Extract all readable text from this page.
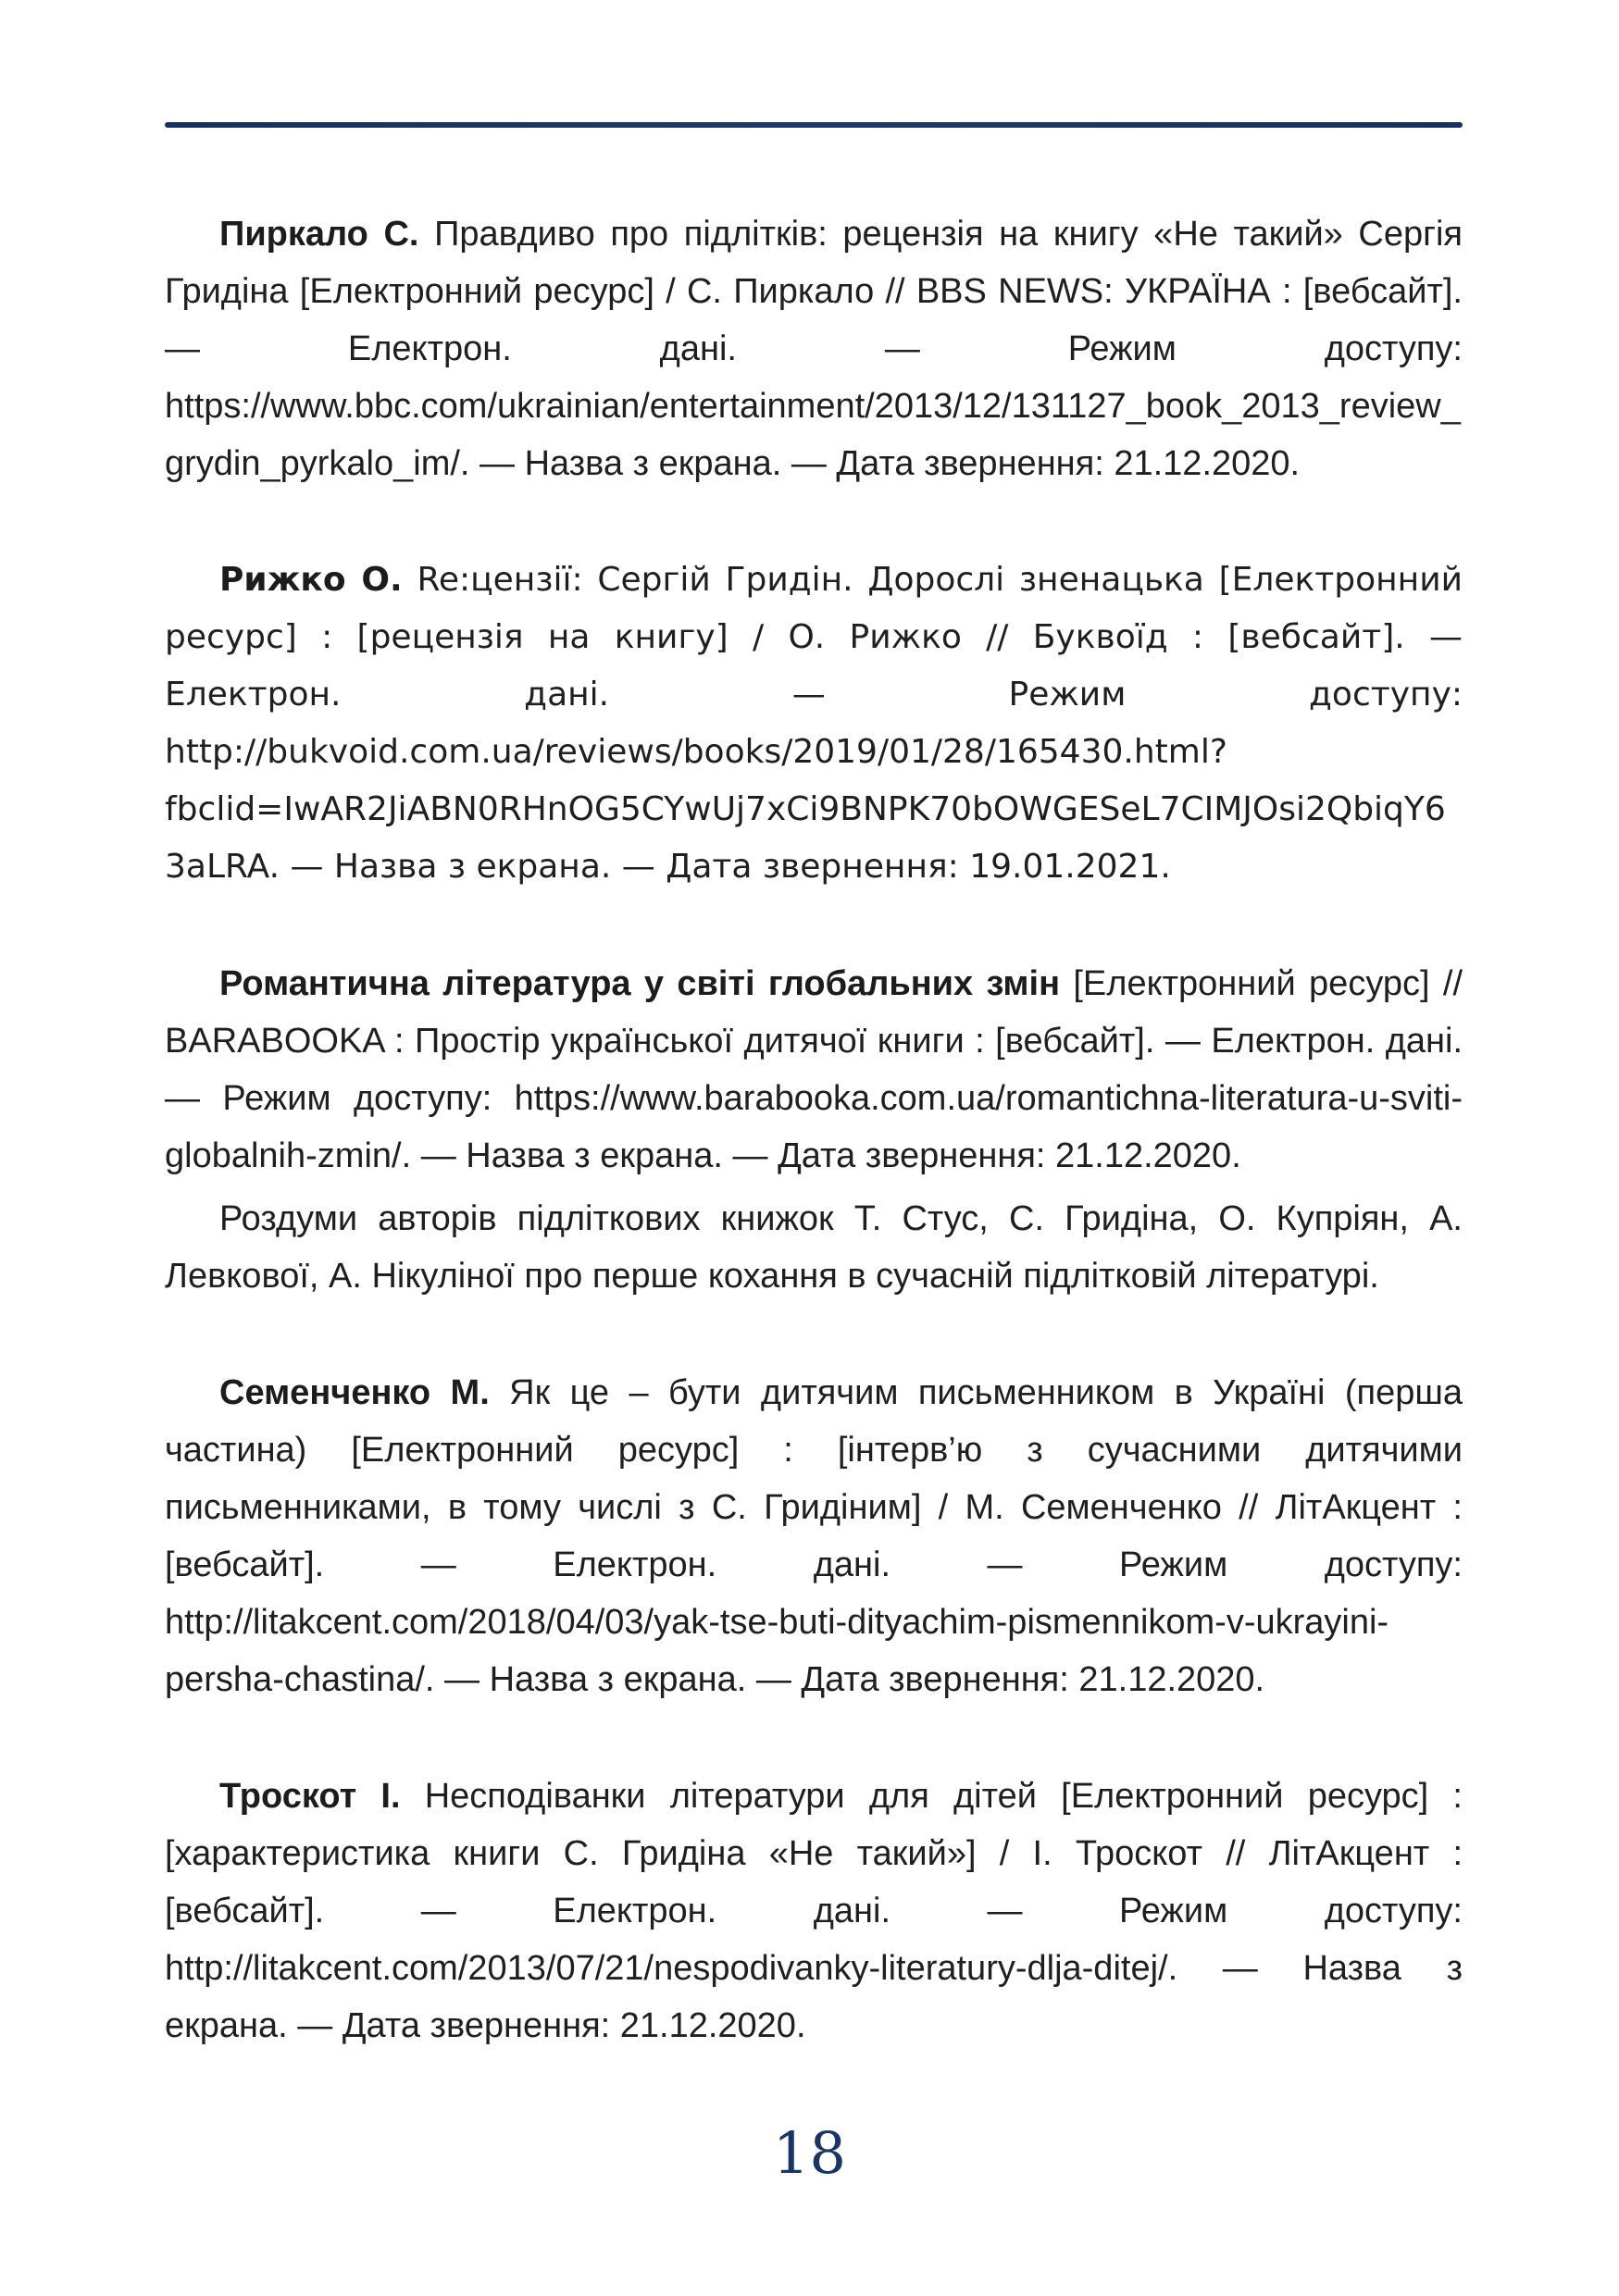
Пиркало С. Правдиво про підлітків: рецензія на книгу «Не такий» Сергія Гридіна [Електронний ресурс] / С. Пиркало // BBS NEWS: УКРАЇНА : [вебсайт]. — Електрон. дані. — Режим доступу: https://www.bbc.com/ukrainian/entertainment/2013/12/131127_book_2013_review_grydin_pyrkalo_im/. — Назва з екрана. — Дата звернення: 21.12.2020.

Рижко О. Re:цензії: Сергій Гридін. Дорослі зненацька [Електронний ресурс] : [рецензія на книгу] / О. Рижко // Буквоїд : [вебсайт]. — Електрон. дані. — Режим доступу: http://bukvoid.com.ua/reviews/books/2019/01/28/165430.html?fbclid=IwAR2JiABN0RHnOG5CYwUj7xCi9BNPK70bOWGESeL7CIMJOsi2QbiqY63aLRA. — Назва з екрана. — Дата звернення: 19.01.2021.

Романтична література у світі глобальних змін [Електронний ресурс] // BARABOOKA : Простір української дитячої книги : [вебсайт]. — Електрон. дані. — Режим доступу: https://www.barabooka.com.ua/romantichna-literatura-u-sviti-globalnih-zmin/. — Назва з екрана. — Дата звернення: 21.12.2020.

Роздуми авторів підліткових книжок Т. Стус, С. Гридіна, О. Купріян, А. Левкової, А. Нікуліної про перше кохання в сучасній підлітковій літературі.

Семенченко М. Як це – бути дитячим письменником в Україні (перша частина) [Електронний ресурс] : [інтерв’ю з сучасними дитячими письменниками, в тому числі з С. Гридіним] / М. Семенченко // ЛітАкцент : [вебсайт]. — Електрон. дані. — Режим доступу: http://litakcent.com/2018/04/03/yak-tse-buti-dityachim-pismennikom-v-ukrayini-persha-chastina/. — Назва з екрана. — Дата звернення: 21.12.2020.

Троскот І. Несподіванки літератури для дітей [Електронний ресурс] : [характеристика книги С. Гридіна «Не такий»] / І. Троскот // ЛітАкцент : [вебсайт]. — Електрон. дані. — Режим доступу: http://litakcent.com/2013/07/21/nespodivanky-literatury-dlja-ditej/. — Назва з екрана. — Дата звернення: 21.12.2020.

18
